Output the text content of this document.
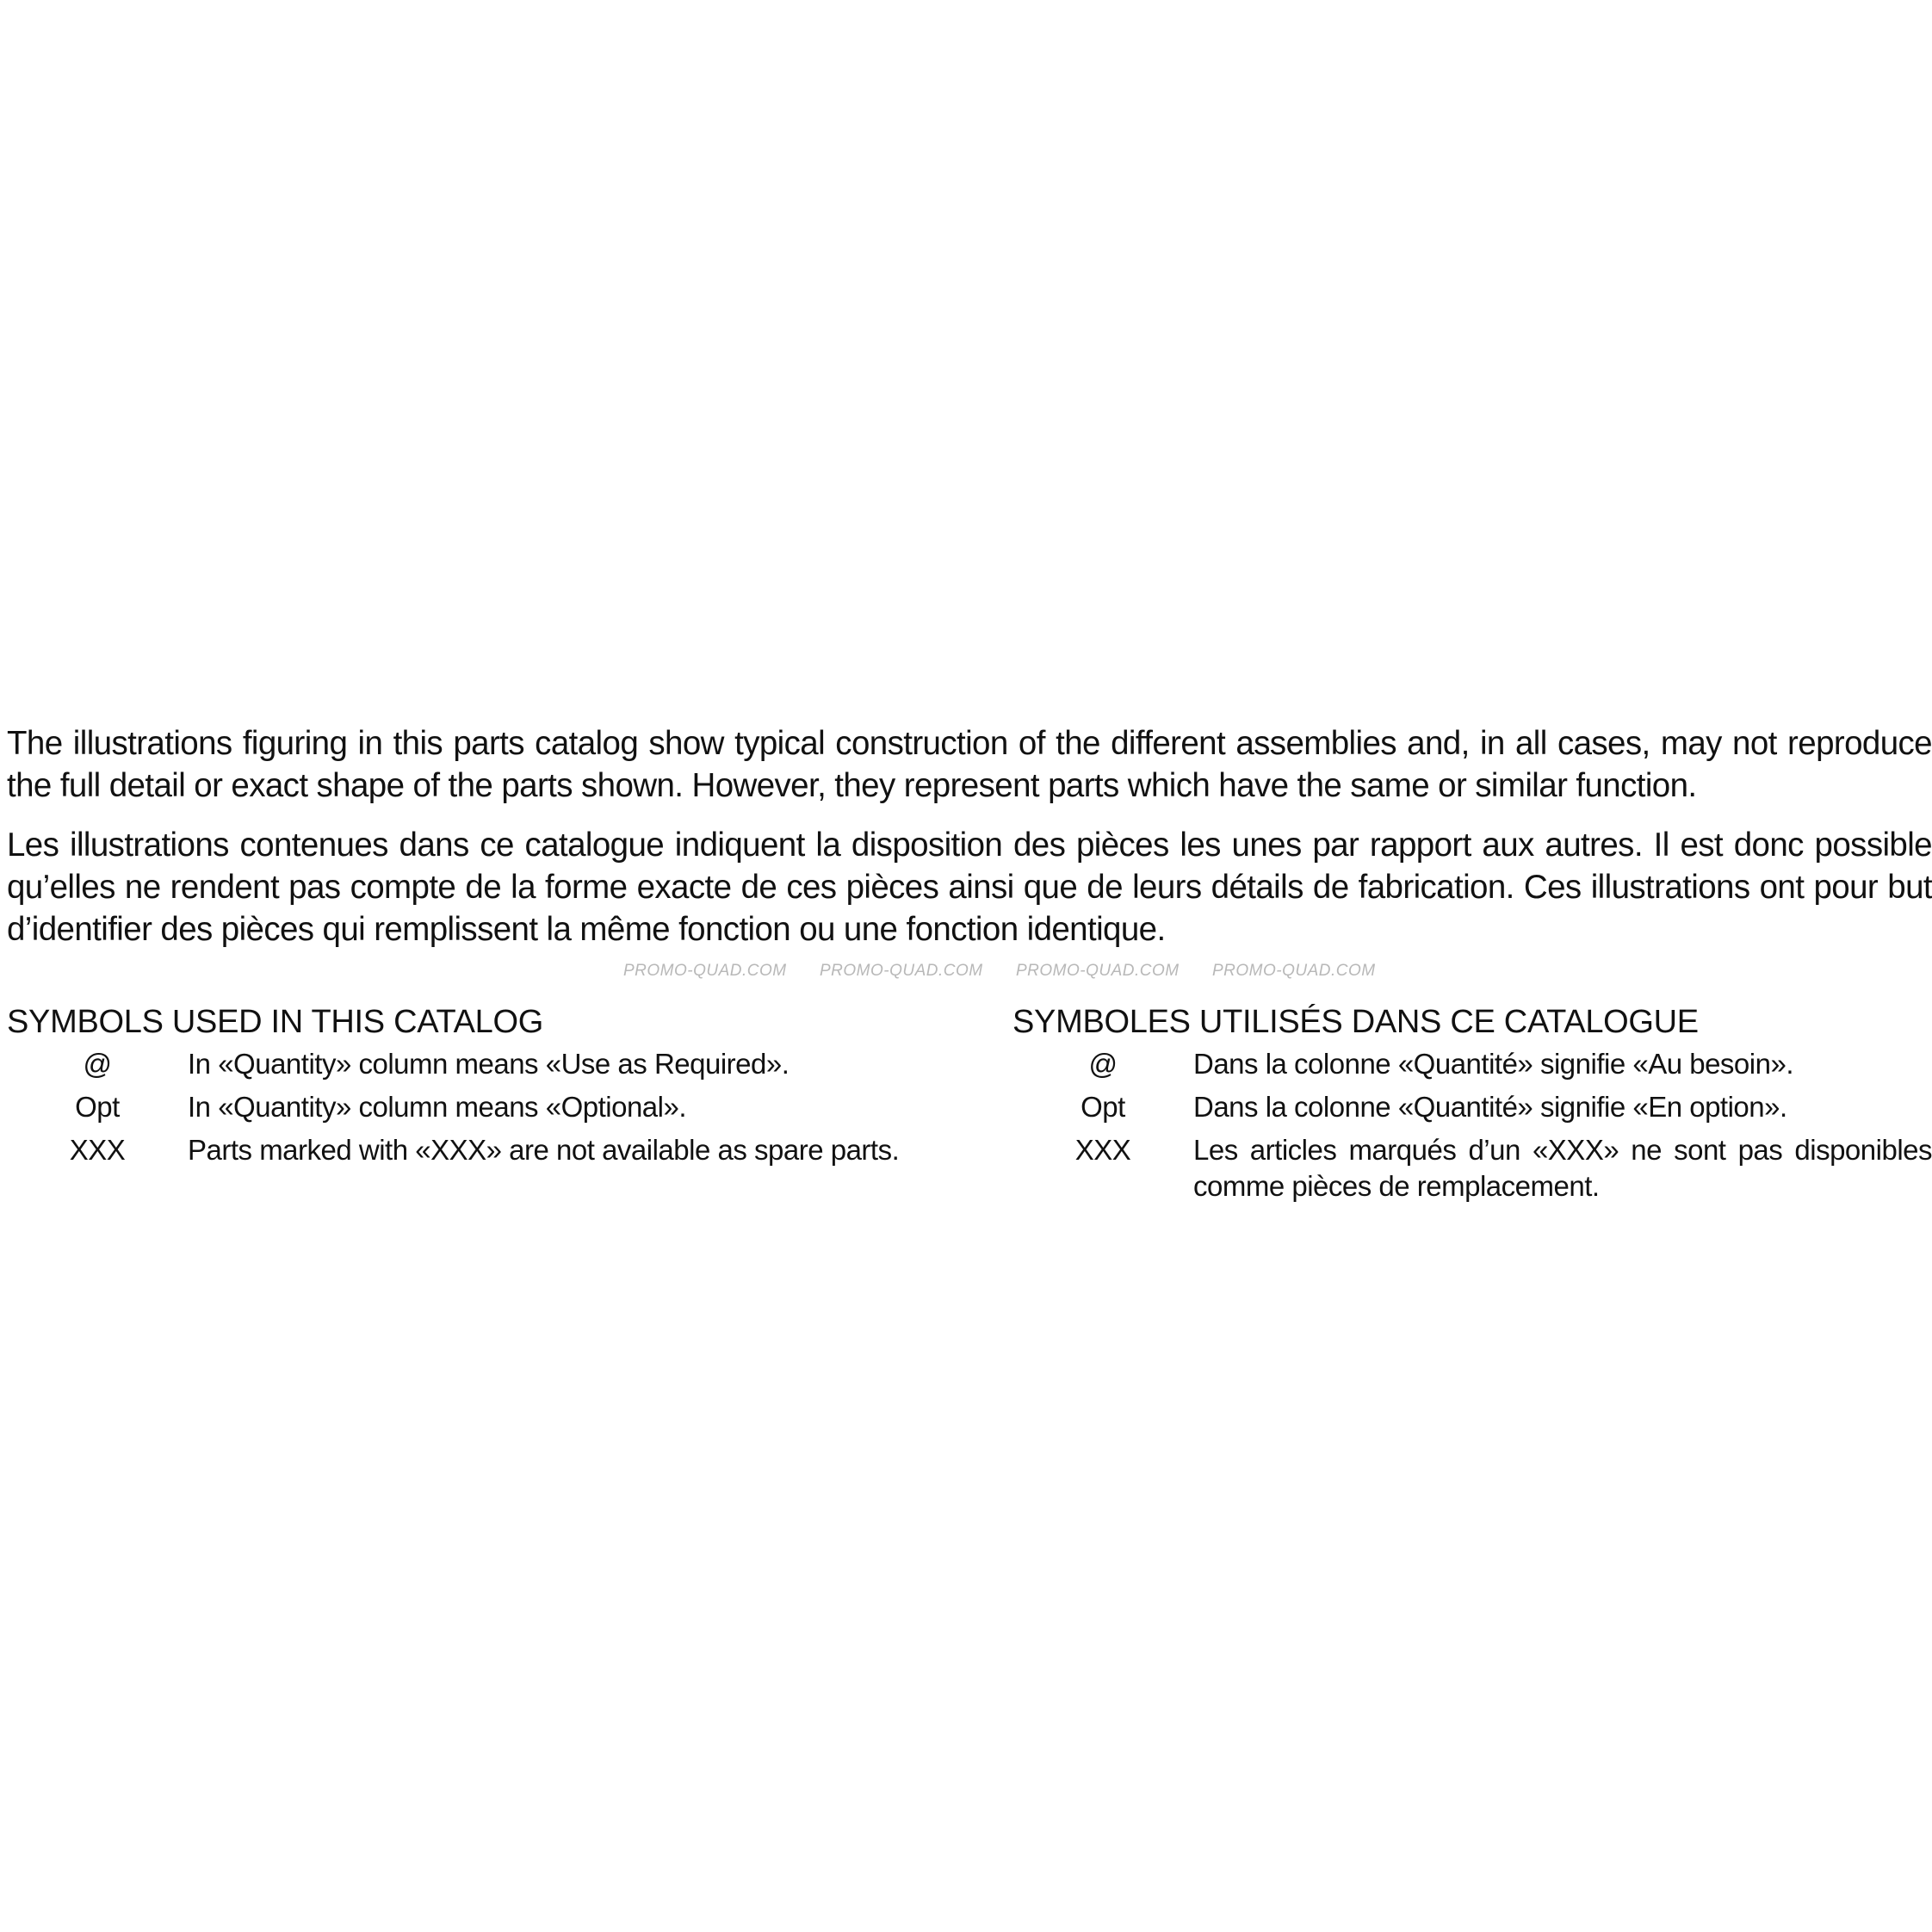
The illustrations figuring in this parts catalog show typical construction of the different assemblies and, in all cases, may not reproduce the full detail or exact shape of the parts shown. However, they represent parts which have the same or similar function.

Les illustrations contenues dans ce catalogue indiquent la disposition des pièces les unes par rapport aux autres. Il est donc possible qu’elles ne rendent pas compte de la forme exacte de ces pièces ainsi que de leurs détails de fabrication. Ces illustrations ont pour but d’identifier des pièces qui remplissent la même fonction ou une fonction identique.

PROMO-QUAD.COM PROMO-QUAD.COM PROMO-QUAD.COM PROMO-QUAD.COM
SYMBOLS USED IN THIS CATALOG
@	In «Quantity» column means «Use as Required».
Opt	In «Quantity» column means «Optional».
XXX	Parts marked with «XXX» are not available as spare parts.
SYMBOLES UTILISÉS DANS CE CATALOGUE
@	Dans la colonne «Quantité» signifie «Au besoin».
Opt	Dans la colonne «Quantité» signifie «En option».
XXX	Les articles marqués d’un «XXX» ne sont pas disponibles comme pièces de remplacement.
